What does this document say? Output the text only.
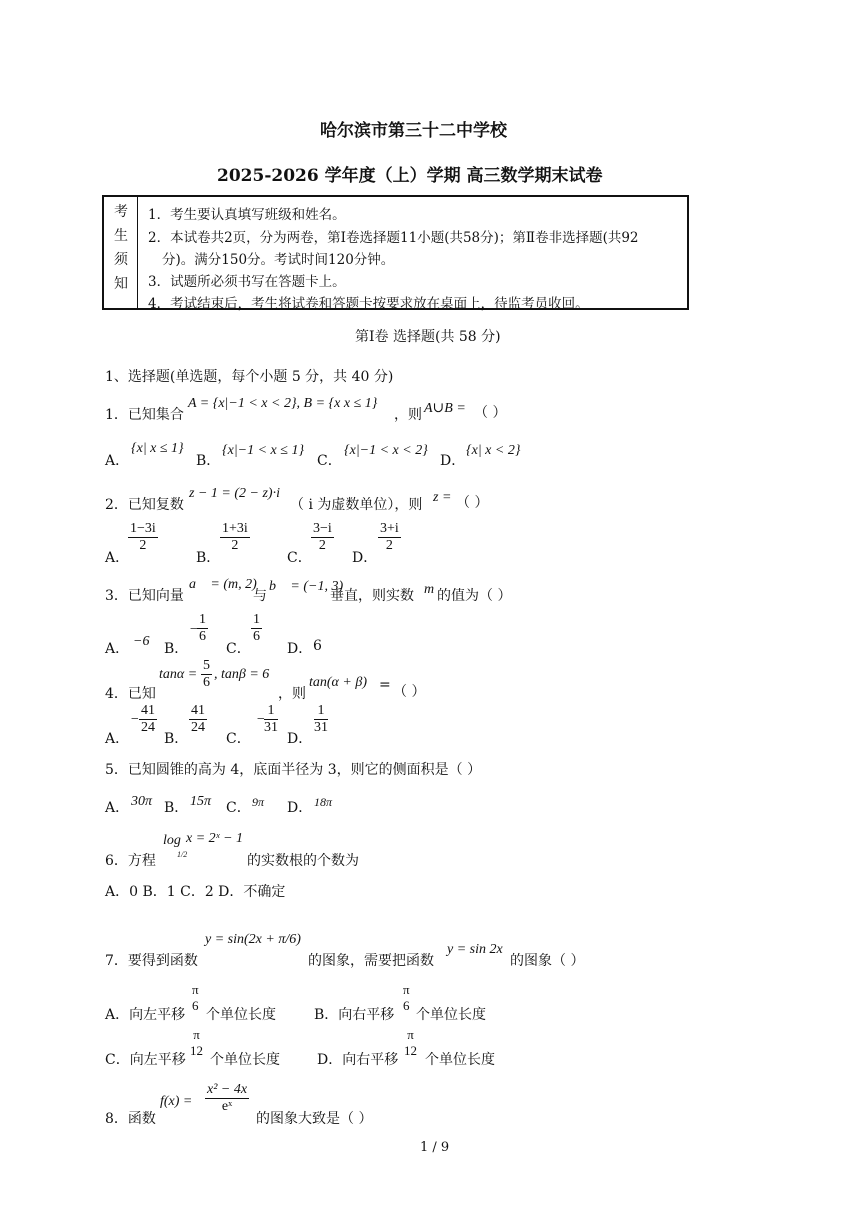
哈尔滨市第三十二中学校
2025-2026 学年度（上）学期 高三数学期末试卷
考
生
须
知
1．考生要认真填写班级和姓名。
2．本试卷共2页，分为两卷，第Ⅰ卷选择题11小题(共58分)；第Ⅱ卷非选择题(共92
分)。满分150分。考试时间120分钟。
3．试题所必须书写在答题卡上。
4．考试结束后，考生将试卷和答题卡按要求放在桌面上，待监考员收回。
第Ⅰ卷 选择题(共 58 分)
1、选择题(单选题，每个小题 5 分，共 40 分)
1．已知集合
A = {x|−1 < x < 2}, B = {x x ≤ 1}
，则 A∪B = （ ）
A．
{x| x ≤ 1}
B．
{x|−1 < x ≤ 1}
C．
{x|−1 < x < 2}
D．
{x| x < 2}
2．已知复数
z − 1 = (2 − z)·i
（ i 为虚数单位），则 z = （ ）
A．
$\frac{1-3i}{2}$
B．
$\frac{1+3i}{2}$
C．
$\frac{3-i}{2}$
D．
$\frac{3+i}{2}$
3．已知向量
a⃗ = (m, 2)
与
b⃗ = (−1, 3)
垂直，则实数 m 的值为（ ）
A． −6 B．
−
$\frac{1}{6}$
C．
$\frac{1}{6}$
D． 6
4．已知
$\tan\alpha = \frac{5}{6}$ , tanβ = 6
，则
tan(α + β) = （ ）
A．
− $\frac{41}{24}$
B．
$\frac{41}{24}$
C．
−
$\frac{1}{31}$
D．
$\frac{1}{31}$
5．已知圆锥的高为 4，底面半径为 3，则它的侧面积是（ ）
A． 30π B． 15π C． 9π D． 18π
6．方程
log
1/2
x = 2ˣ − 1
的实数根的个数为
A．0 B．1 C．2 D．不确定
7．要得到函数
y = sin(2x + π/6)
的图象，需要把函数
y = sin 2x
的图象（ ）
A．向左平移
π
6
个单位长度	B．向右平移
π
6
个单位长度
C．向左平移
π
12
个单位长度	D．向右平移
π
12
个单位长度
8．函数
$f(x) = \frac{\text{x² − 4x}}{\text{eˣ}}$
的图象大致是（ ）
1 / 9
